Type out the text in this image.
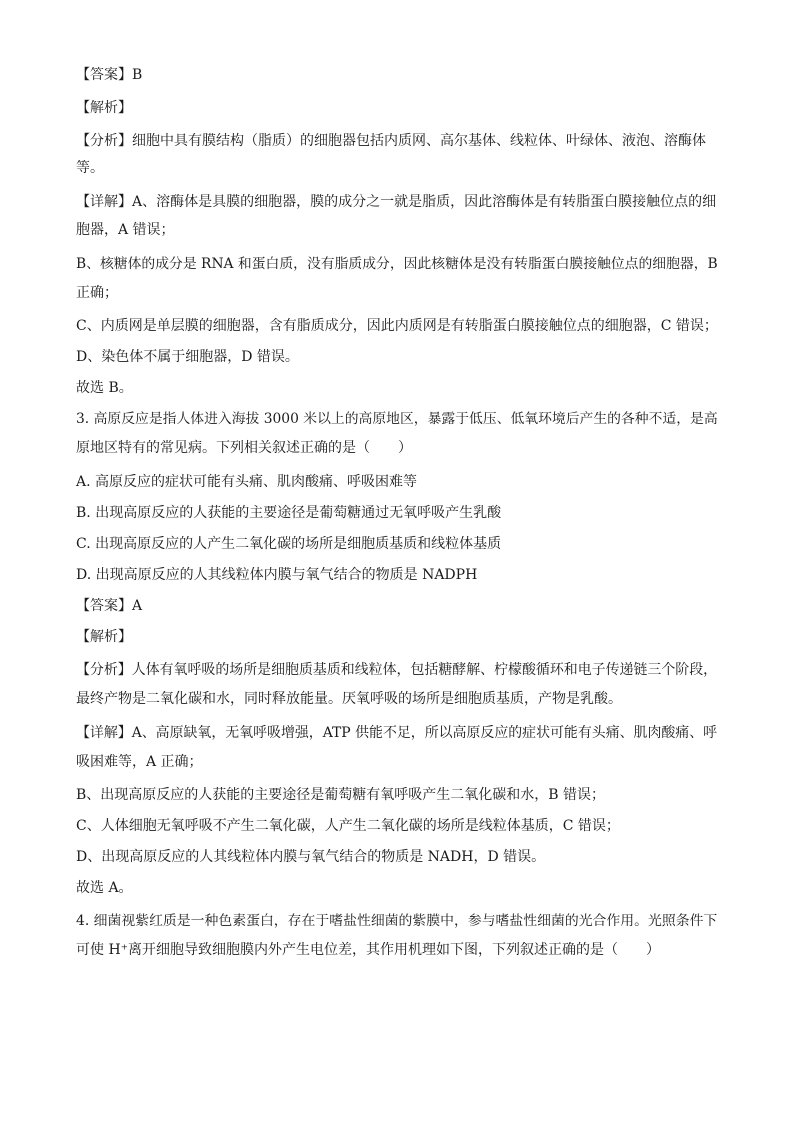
【答案】B
【解析】
【分析】细胞中具有膜结构（脂质）的细胞器包括内质网、高尔基体、线粒体、叶绿体、液泡、溶酶体
等。
【详解】A、溶酶体是具膜的细胞器，膜的成分之一就是脂质，因此溶酶体是有转脂蛋白膜接触位点的细
胞器，A 错误；
B、核糖体的成分是 RNA 和蛋白质，没有脂质成分，因此核糖体是没有转脂蛋白膜接触位点的细胞器，B
正确；
C、内质网是单层膜的细胞器，含有脂质成分，因此内质网是有转脂蛋白膜接触位点的细胞器，C 错误；
D、染色体不属于细胞器，D 错误。
故选 B。
3. 高原反应是指人体进入海拔 3000 米以上的高原地区，暴露于低压、低氧环境后产生的各种不适，是高
原地区特有的常见病。下列相关叙述正确的是（　　）
A. 高原反应的症状可能有头痛、肌肉酸痛、呼吸困难等
B. 出现高原反应的人获能的主要途径是葡萄糖通过无氧呼吸产生乳酸
C. 出现高原反应的人产生二氧化碳的场所是细胞质基质和线粒体基质
D. 出现高原反应的人其线粒体内膜与氧气结合的物质是 NADPH
【答案】A
【解析】
【分析】人体有氧呼吸的场所是细胞质基质和线粒体，包括糖酵解、柠檬酸循环和电子传递链三个阶段，
最终产物是二氧化碳和水，同时释放能量。厌氧呼吸的场所是细胞质基质，产物是乳酸。
【详解】A、高原缺氧，无氧呼吸增强，ATP 供能不足，所以高原反应的症状可能有头痛、肌肉酸痛、呼
吸困难等，A 正确；
B、出现高原反应的人获能的主要途径是葡萄糖有氧呼吸产生二氧化碳和水，B 错误；
C、人体细胞无氧呼吸不产生二氧化碳，人产生二氧化碳的场所是线粒体基质，C 错误；
D、出现高原反应的人其线粒体内膜与氧气结合的物质是 NADH，D 错误。
故选 A。
4. 细菌视紫红质是一种色素蛋白，存在于嗜盐性细菌的紫膜中，参与嗜盐性细菌的光合作用。光照条件下
可使 H⁺离开细胞导致细胞膜内外产生电位差，其作用机理如下图，下列叙述正确的是（　　）
